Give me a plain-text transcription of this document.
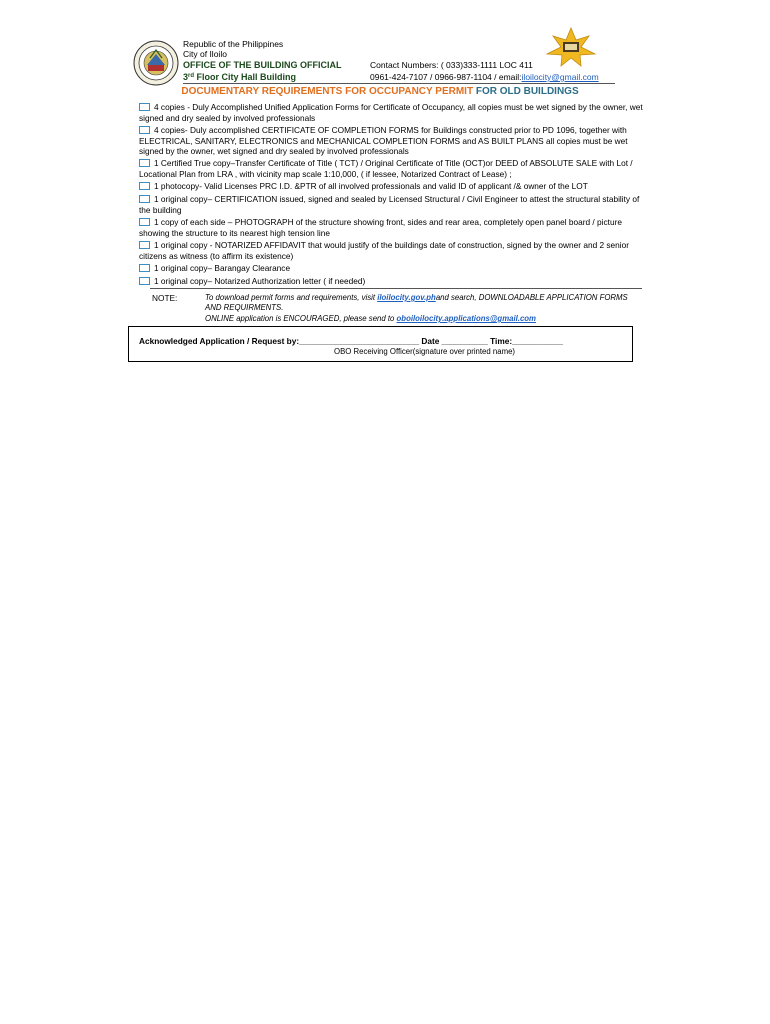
Republic of the Philippines
City of Iloilo
OFFICE OF THE BUILDING OFFICIAL
3rd Floor City Hall Building
Contact Numbers: ( 033)333-1111 LOC 411
0961-424-7107 / 0966-987-1104 / email:iloilocity@gmail.com
DOCUMENTARY REQUIREMENTS FOR OCCUPANCY PERMIT FOR OLD BUILDINGS
4 copies - Duly Accomplished Unified Application Forms for Certificate of Occupancy, all copies must be wet signed by the owner, wet signed and dry sealed by involved professionals
4 copies- Duly accomplished CERTIFICATE OF COMPLETION FORMS for Buildings constructed prior to PD 1096, together with ELECTRICAL, SANITARY, ELECTRONICS and MECHANICAL COMPLETION FORMS and AS BUILT PLANS all copies must be wet signed by the owner, wet signed and dry sealed by involved professionals
1 Certified True copy–Transfer Certificate of Title ( TCT) / Original Certificate of Title (OCT)or DEED of ABSOLUTE SALE with Lot / Locational Plan from LRA , with vicinity map scale 1:10,000, ( if lessee, Notarized Contract of Lease) ;
1 photocopy- Valid Licenses PRC I.D. &PTR of all involved professionals and valid ID of applicant /& owner of the LOT
1 original copy– CERTIFICATION issued, signed and sealed by Licensed Structural / Civil Engineer to attest the structural stability of the building
1 copy of each side – PHOTOGRAPH of the structure showing front, sides and rear area, completely open panel board / picture showing the structure to its nearest high tension line
1 original copy - NOTARIZED AFFIDAVIT that would justify of the buildings date of construction, signed by the owner and 2 senior citizens as witness (to affirm its existence)
1 original copy– Barangay Clearance
1 original copy– Notarized Authorization letter ( if needed)
NOTE:	To download permit forms and requirements, visit iloilocity.gov.phand search, DOWNLOADABLE APPLICATION FORMS AND REQUIRMENTS.
ONLINE application is ENCOURAGED, please send to oboiloilocity.applications@gmail.com
Acknowledged Application / Request by:__________________________ Date __________ Time:___________
OBO Receiving Officer(signature over printed name)
